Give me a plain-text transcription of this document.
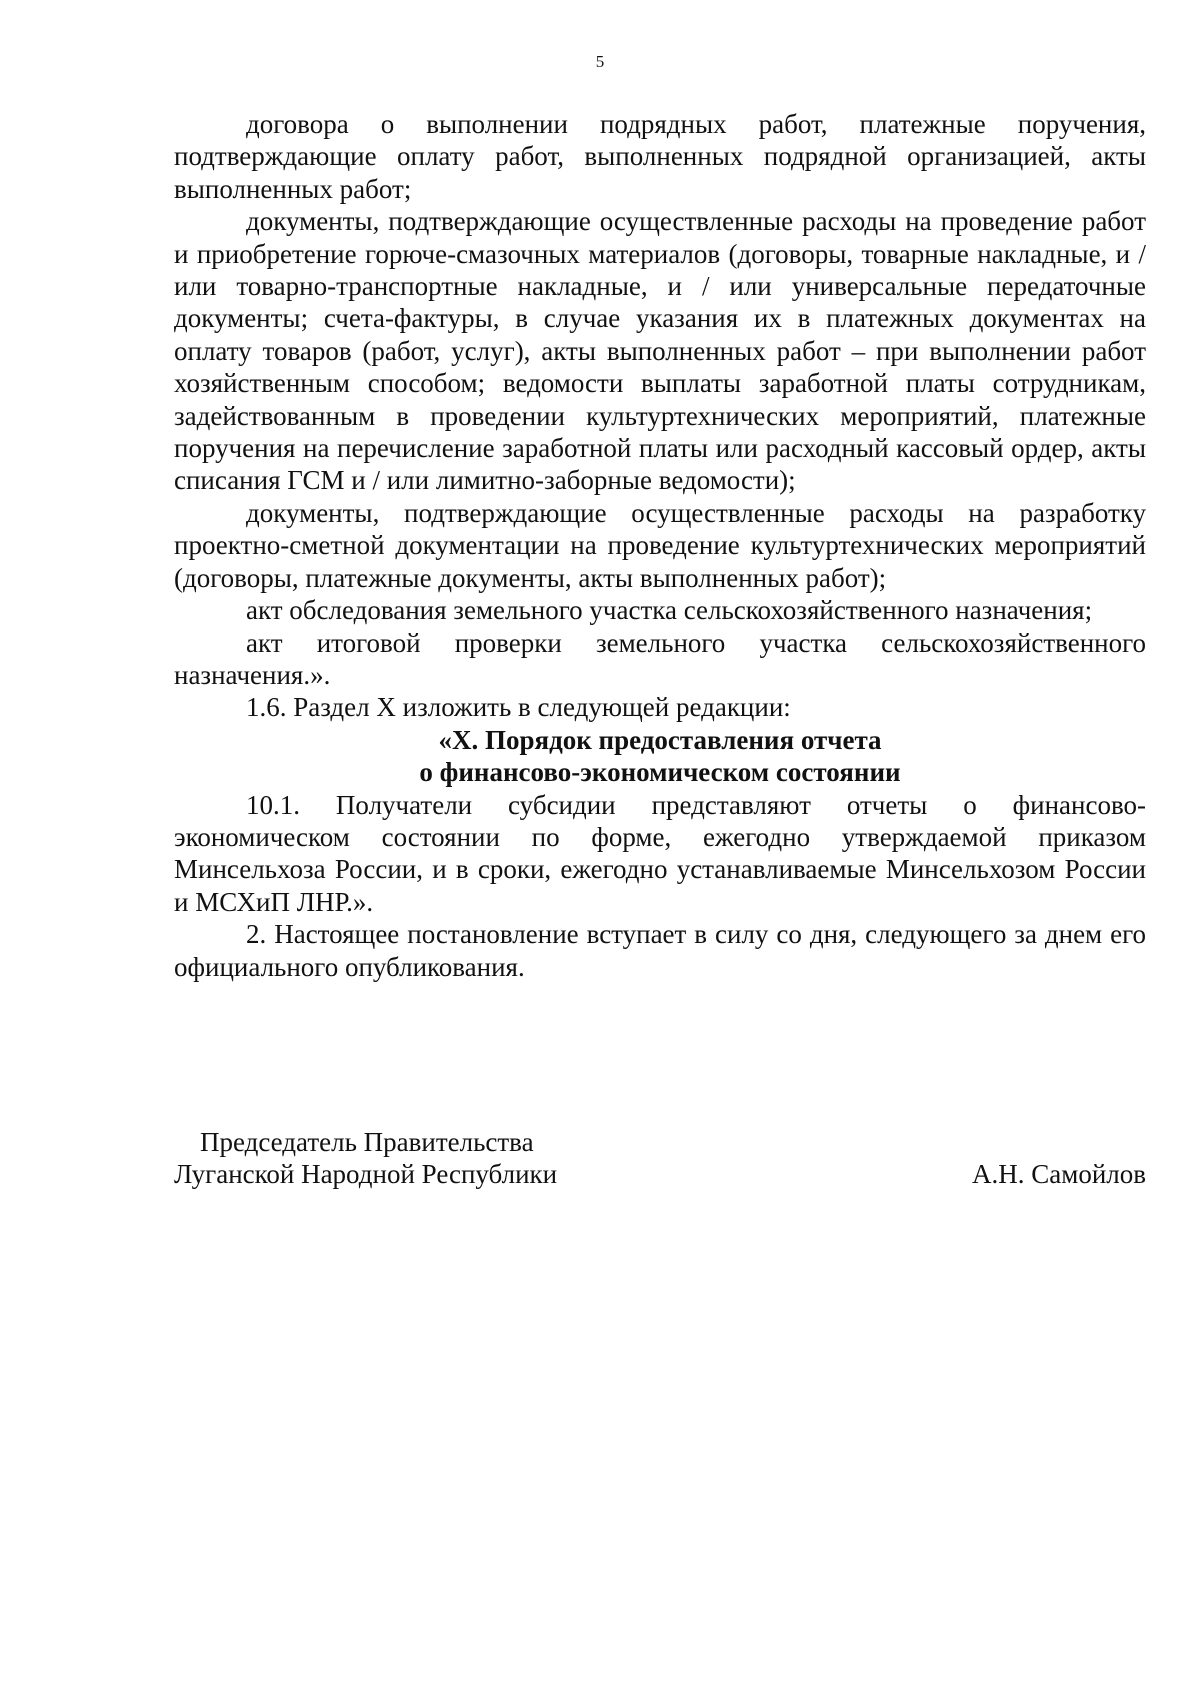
5

договора о выполнении подрядных работ, платежные поручения, подтверждающие оплату работ, выполненных подрядной организацией, акты выполненных работ;

документы, подтверждающие осуществленные расходы на проведение работ и приобретение горюче-смазочных материалов (договоры, товарные накладные, и / или товарно-транспортные накладные, и / или универсальные передаточные документы; счета-фактуры, в случае указания их в платежных документах на оплату товаров (работ, услуг), акты выполненных работ – при выполнении работ хозяйственным способом; ведомости выплаты заработной платы сотрудникам, задействованным в проведении культуртехнических мероприятий, платежные поручения на перечисление заработной платы или расходный кассовый ордер, акты списания ГСМ и / или лимитно-заборные ведомости);

документы, подтверждающие осуществленные расходы на разработку проектно-сметной документации на проведение культуртехнических мероприятий (договоры, платежные документы, акты выполненных работ);

акт обследования земельного участка сельскохозяйственного назначения;

акт итоговой проверки земельного участка сельскохозяйственного назначения.».

1.6. Раздел X изложить в следующей редакции:

«X. Порядок предоставления отчета

о финансово-экономическом состоянии

10.1. Получатели субсидии представляют отчеты о финансово-экономическом состоянии по форме, ежегодно утверждаемой приказом Минсельхоза России, и в сроки, ежегодно устанавливаемые Минсельхозом России и МСХиП ЛНР.».

2. Настоящее постановление вступает в силу со дня, следующего за днем его официального опубликования.

Председатель Правительства
Луганской Народной Республики	А.Н. Самойлов
